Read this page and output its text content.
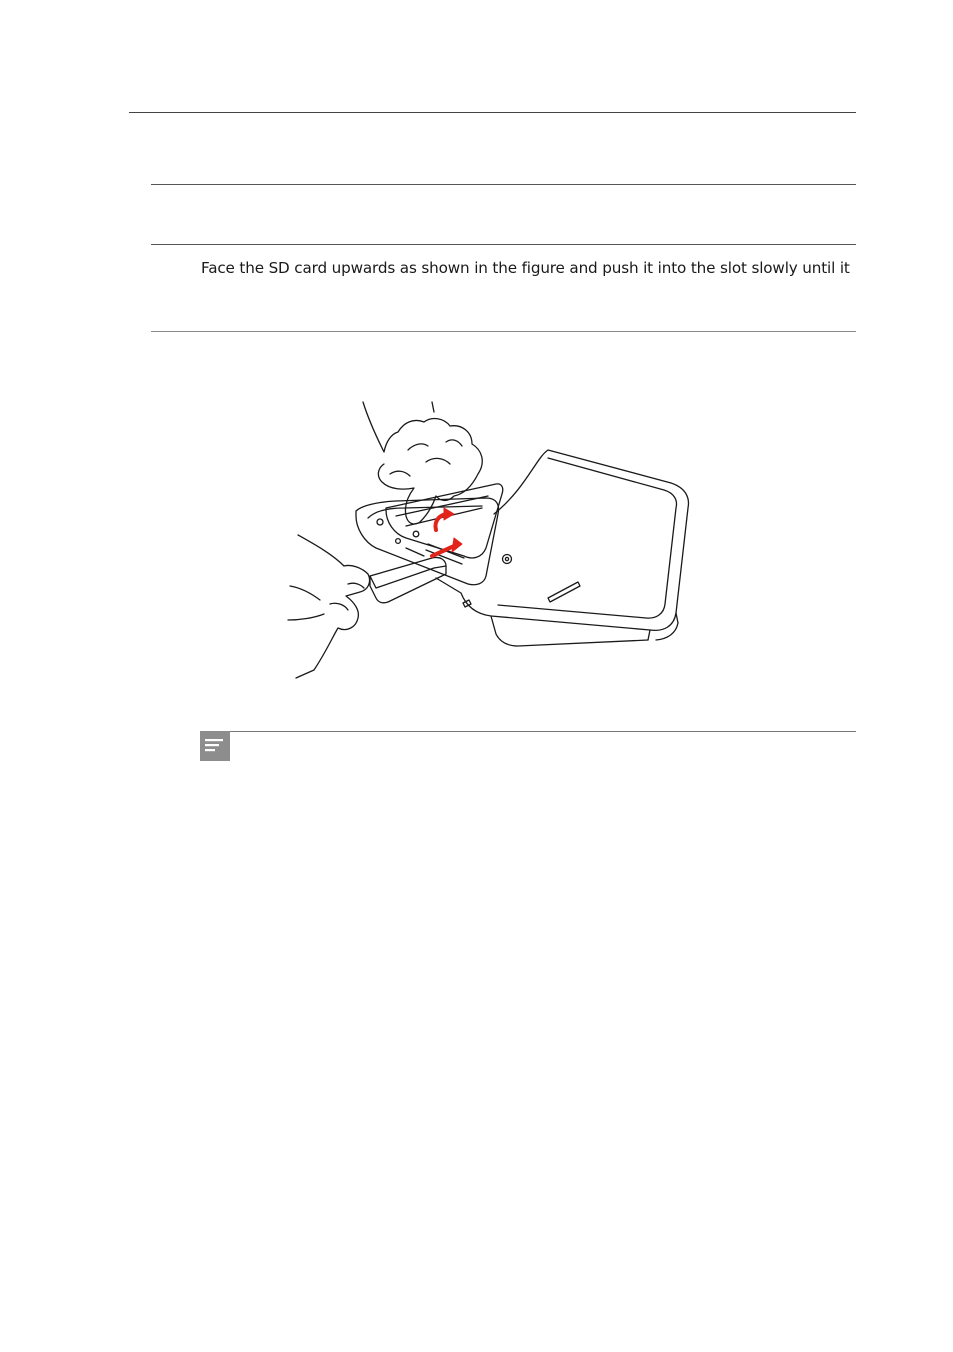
Face the SD card upwards as shown in the figure and push it into the slot slowly until it
